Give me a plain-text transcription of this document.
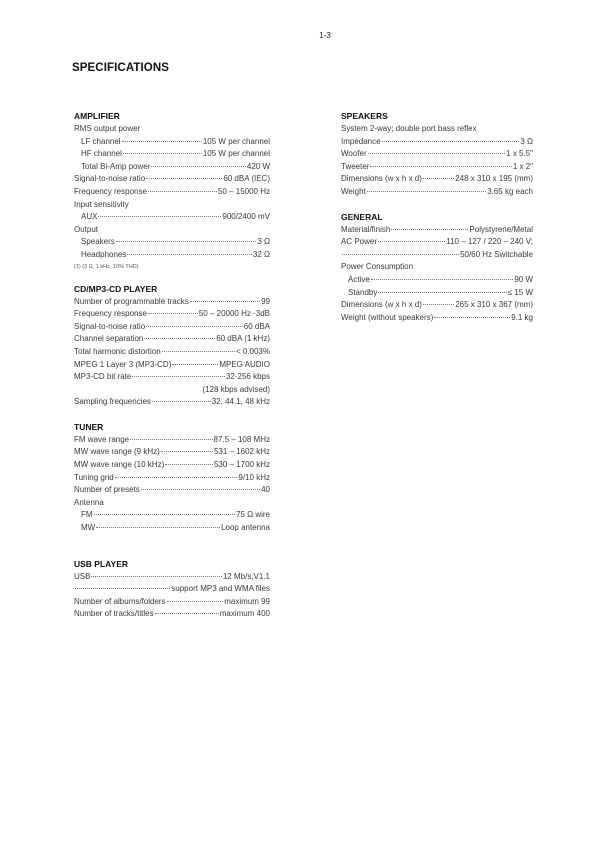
1-3
SPECIFICATIONS
AMPLIFIER
RMS output power
LF channel	105 W per channel
HF channel	105 W per channel
Total Bi-Amp power	420 W
Signal-to-noise ratio	60 dBA (IEC)
Frequency response	50 – 15000 Hz
Input sensitivity
AUX	900/2400 mV
Output
Speakers	3 Ω
Headphones	32 Ω
(1) (3 Ω, 1 kHz, 10% THD)
CD/MP3-CD PLAYER
Number of programmable tracks	99
Frequency response	50 – 20000 Hz -3dB
Signal-to-noise ratio	60 dBA
Channel separation	60 dBA (1 kHz)
Total harmonic distortion	< 0.003%
MPEG 1 Layer 3 (MP3-CD)	MPEG AUDIO
MP3-CD bit rate	32-256 kbps
(128 kbps advised)
Sampling frequencies	32, 44.1, 48 kHz
TUNER
FM wave range	87.5 – 108 MHz
MW wave range (9 kHz)	531 – 1602 kHz
MW wave range (10 kHz)	530 – 1700 kHz
Tuning grid	9/10 kHz
Number of presets	40
Antenna
FM	75 Ω wire
MW	Loop antenna
USB PLAYER
USB	12 Mb/s,V1.1
support MP3 and WMA files
Number of albums/folders	maximum 99
Number of tracks/titles	maximum 400
SPEAKERS
System 2-way; double port bass reflex
Impedance	3 Ω
Woofer	1 x 5.5"
Tweeter	1 x 2"
Dimensions (w x h x d)	248 x 310 x 195 (mm)
Weight	3.65 kg each
GENERAL
Material/finish	Polystyrene/Metal
AC Power	110 – 127 / 220 – 240 V;
50/60 Hz Switchable
Power Consumption
Active	90 W
Standby	≤ 15 W
Dimensions (w x h x d)	265 x 310 x 367 (mm)
Weight (without speakers)	9.1 kg
